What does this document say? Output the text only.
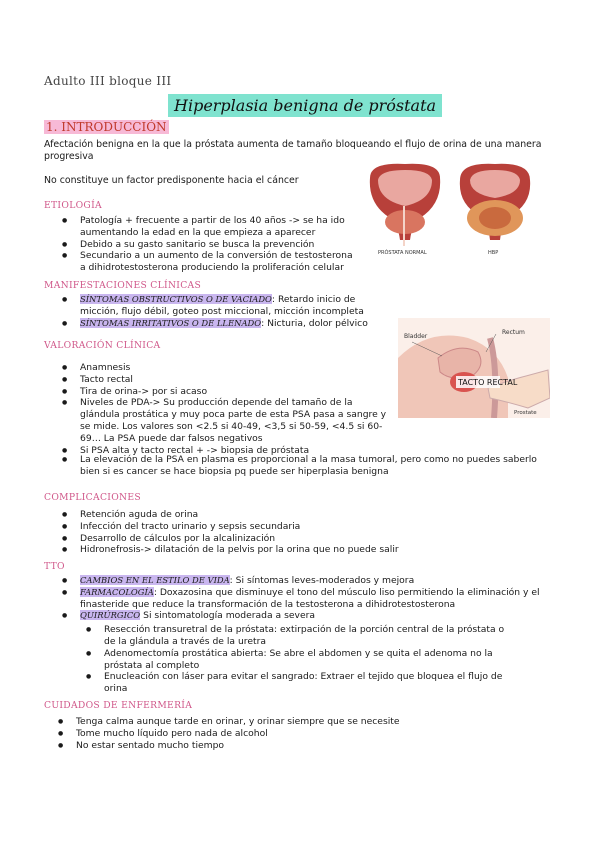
Adulto III bloque III
Hiperplasia benigna de próstata
1. INTRODUCCIÓN
Afectación benigna en la que la próstata aumenta de tamaño bloqueando el flujo de orina de una manera
progresiva
No constituye un factor predisponente hacia el cáncer
PRÓSTATA NORMAL	HBP
ETIOLOGÍA
● Patología + frecuente a partir de los 40 años -> se ha ido aumentando la edad en la que empieza a aparecer
● Debido a su gasto sanitario se busca la prevención
● Secundario a un aumento de la conversión de testosterona a dihidrotestosterona produciendo la proliferación celular
MANIFESTACIONES CLÍNICAS
● SÍNTOMAS OBSTRUCTIVOS O DE VACIADO: Retardo inicio de micción, flujo débil, goteo post miccional, micción incompleta
● SÍNTOMAS IRRITATIVOS O DE LLENADO: Nicturia, dolor pélvico
Bladder
Rectum
Prostate
TACTO RECTAL
VALORACIÓN CLÍNICA
● Anamnesis
● Tacto rectal
● Tira de orina-> por si acaso
● Niveles de PDA-> Su producción depende del tamaño de la glándula prostática y muy poca parte de esta PSA pasa a sangre y se mide. Los valores son <2.5 si 40-49, <3,5 si 50-59, <4.5 si 60-69… La PSA puede dar falsos negativos
● Si PSA alta y tacto rectal + -> biopsia de próstata
● La elevación de la PSA en plasma es proporcional a la masa tumoral, pero como no puedes saberlo bien si es cancer se hace biopsia pq puede ser hiperplasia benigna
COMPLICACIONES
● Retención aguda de orina
● Infección del tracto urinario y sepsis secundaria
● Desarrollo de cálculos por la alcalinización
● Hidronefrosis-> dilatación de la pelvis por la orina que no puede salir
TTO
● CAMBIOS EN EL ESTILO DE VIDA: Si síntomas leves-moderados y mejora
● FARMACOLOGÍA: Doxazosina que disminuye el tono del músculo liso permitiendo la eliminación y el finasteride que reduce la transformación de la testosterona a dihidrotestosterona
● QUIRÚRGICO Si sintomatología moderada a severa
● Resección transuretral de la próstata: extirpación de la porción central de la próstata o de la glándula a través de la uretra
● Adenomectomía prostática abierta: Se abre el abdomen y se quita el adenoma no la próstata al completo
● Enucleación con láser para evitar el sangrado: Extraer el tejido que bloquea el flujo de orina
CUIDADOS DE ENFERMERÍA
● Tenga calma aunque tarde en orinar, y orinar siempre que se necesite
● Tome mucho líquido pero nada de alcohol
● No estar sentado mucho tiempo
